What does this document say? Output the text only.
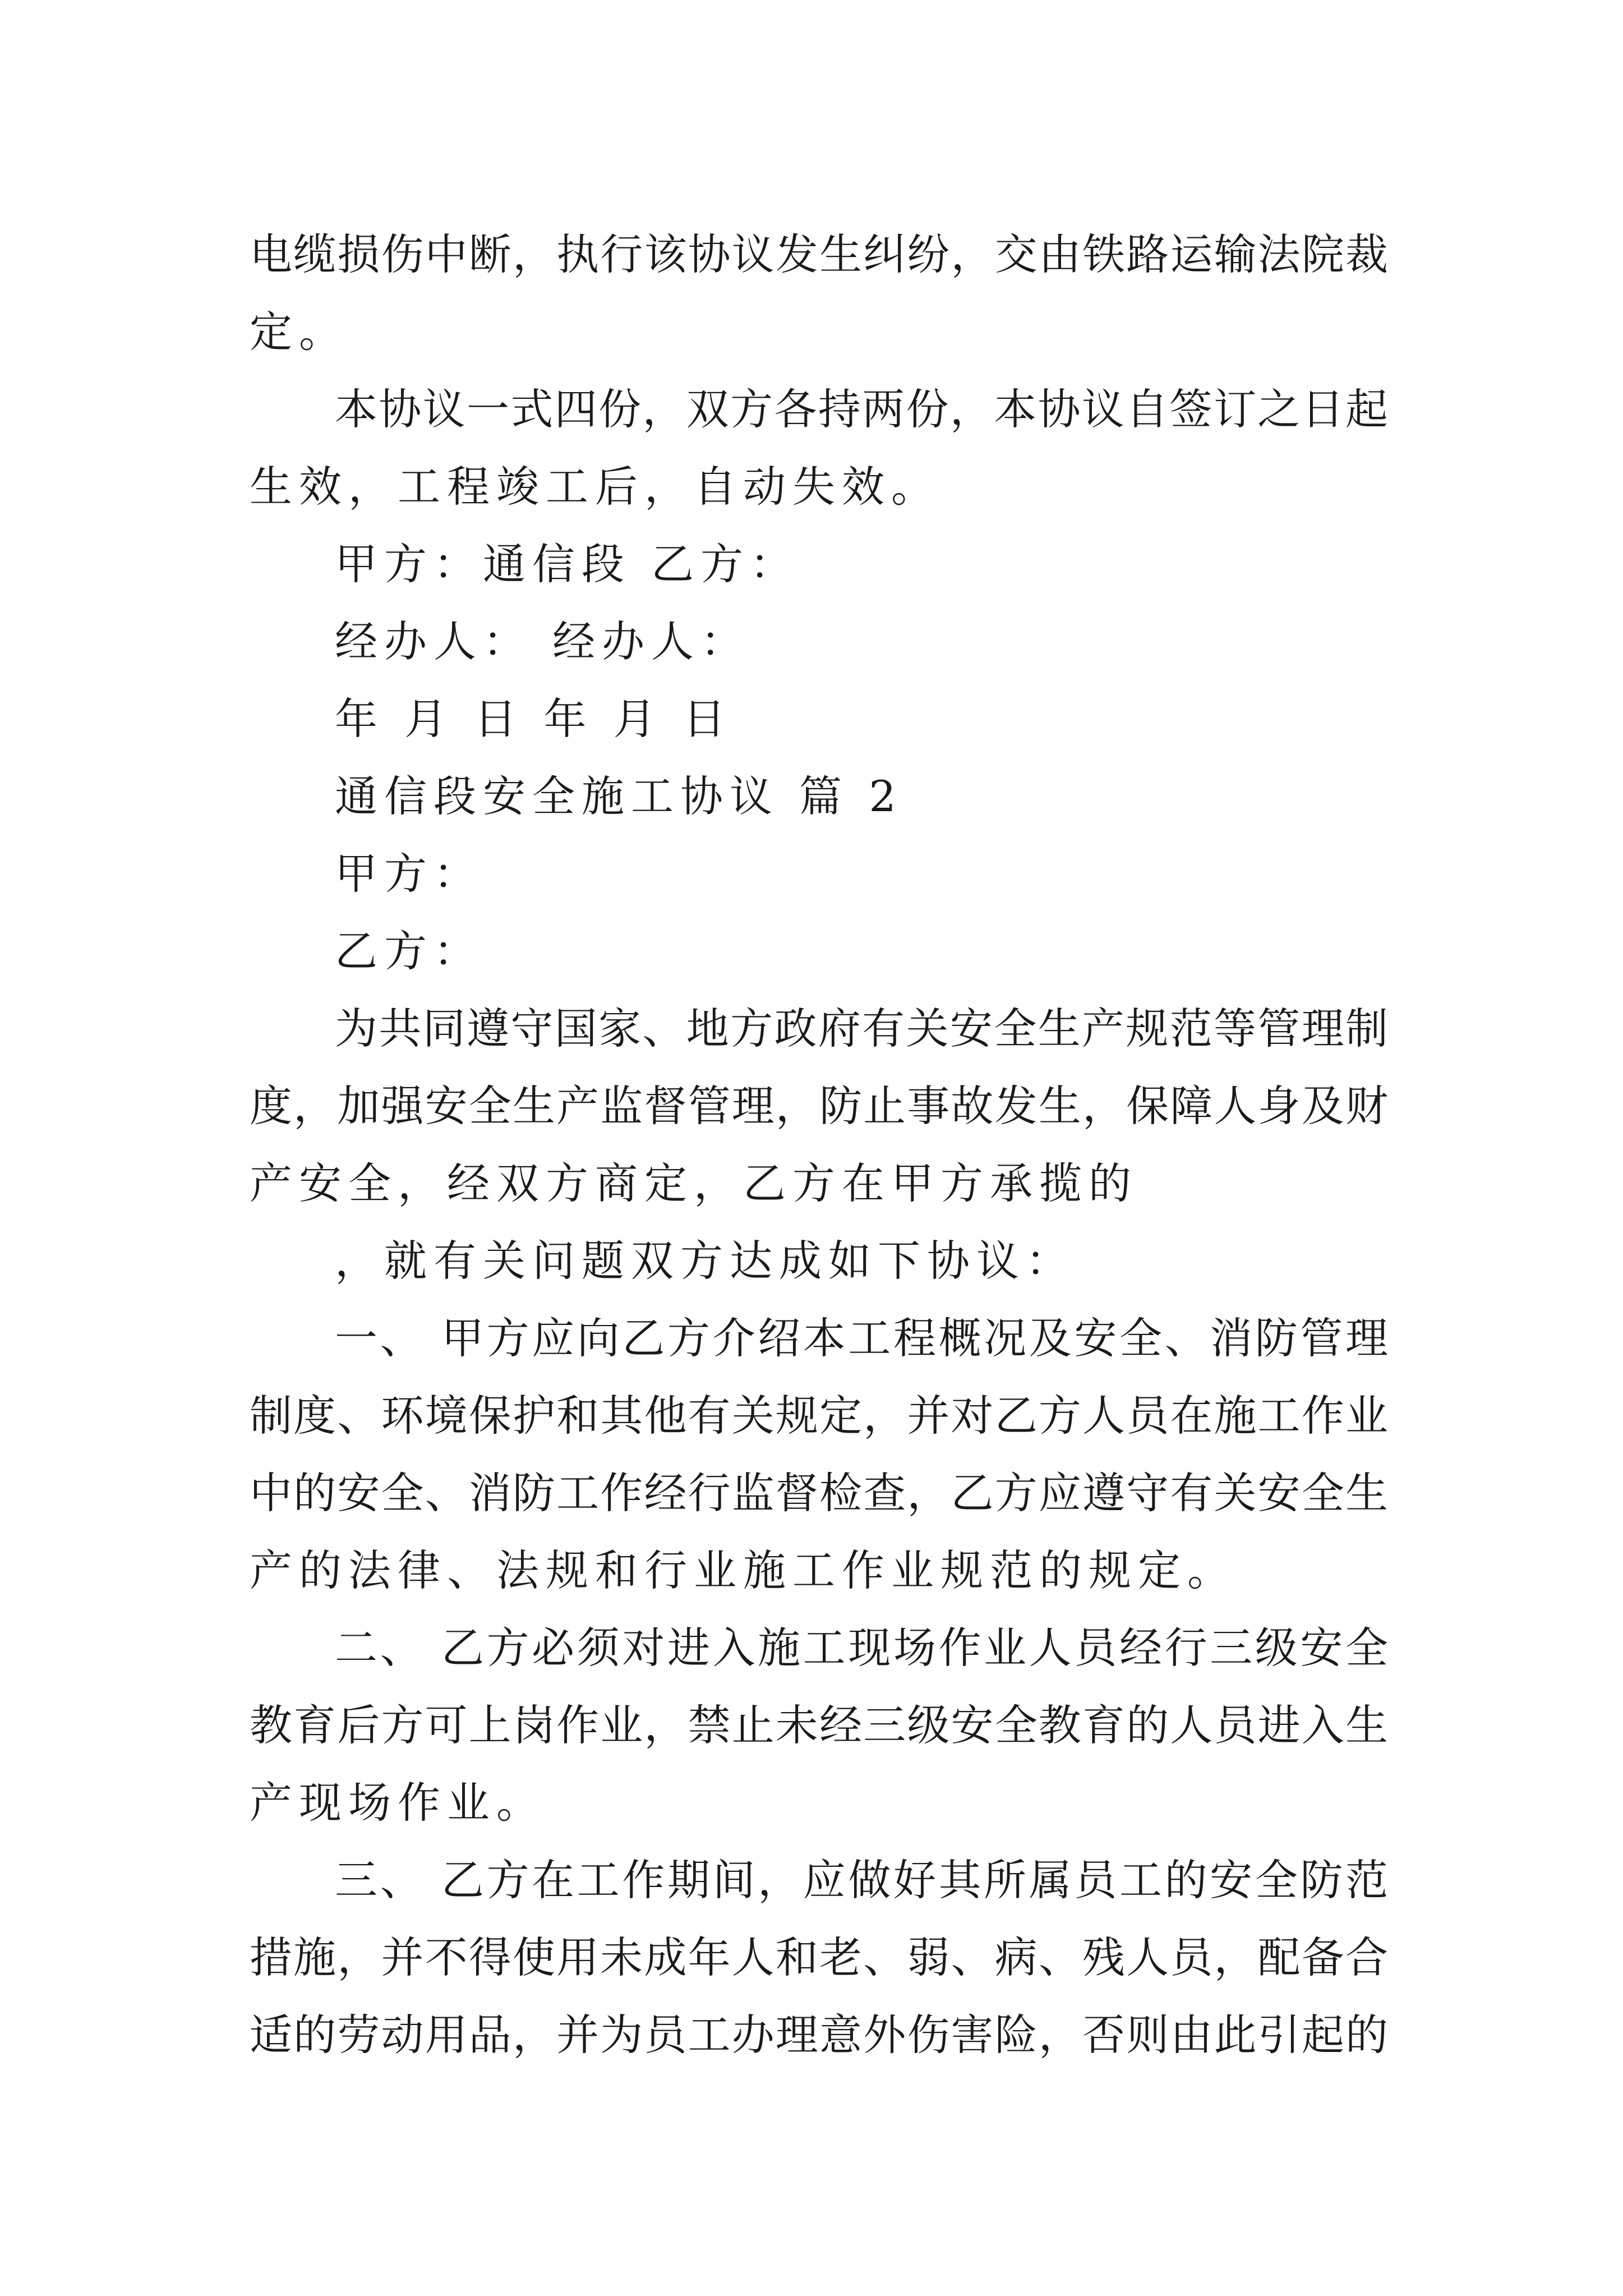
电缆损伤中断，执行该协议发生纠纷，交由铁路运输法院裁
定。
本协议一式四份，双方各持两份，本协议自签订之日起
生效，工程竣工后，自动失效。
甲方：通信段 乙方：
经办人： 经办人：
年 月 日 年 月 日
通信段安全施工协议 篇 2
甲方：
乙方：
为共同遵守国家、地方政府有关安全生产规范等管理制
度，加强安全生产监督管理，防止事故发生，保障人身及财
产安全，经双方商定，乙方在甲方承揽的
，就有关问题双方达成如下协议：
一、 甲方应向乙方介绍本工程概况及安全、消防管理
制度、环境保护和其他有关规定，并对乙方人员在施工作业
中的安全、消防工作经行监督检查，乙方应遵守有关安全生
产的法律、法规和行业施工作业规范的规定。
二、 乙方必须对进入施工现场作业人员经行三级安全
教育后方可上岗作业，禁止未经三级安全教育的人员进入生
产现场作业。
三、 乙方在工作期间，应做好其所属员工的安全防范
措施，并不得使用未成年人和老、弱、病、残人员，配备合
适的劳动用品，并为员工办理意外伤害险，否则由此引起的
